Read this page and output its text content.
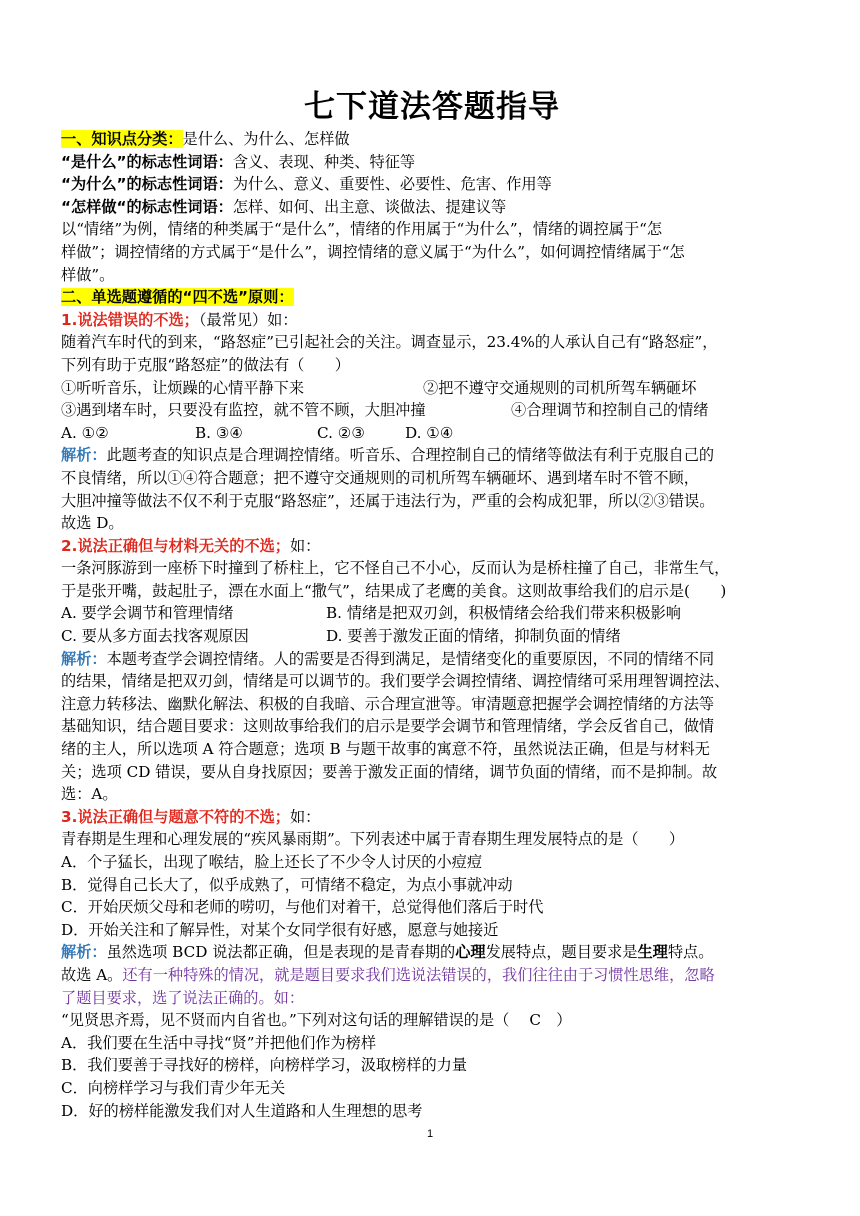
七下道法答题指导
一、知识点分类：是什么、为什么、怎样做
“是什么”的标志性词语：含义、表现、种类、特征等
“为什么”的标志性词语：为什么、意义、重要性、必要性、危害、作用等
“怎样做“的标志性词语：怎样、如何、出主意、谈做法、提建议等
以“情绪”为例，情绪的种类属于“是什么”，情绪的作用属于“为什么”，情绪的调控属于“怎
样做”；调控情绪的方式属于“是什么”，调控情绪的意义属于“为什么”，如何调控情绪属于“怎
样做”。
二、单选题遵循的“四不选”原则：
1.说法错误的不选；（最常见）如：
随着汽车时代的到来，“路怒症”已引起社会的关注。调查显示，23.4%的人承认自己有“路怒症”，
下列有助于克服“路怒症”的做法有（　　）
①听听音乐，让烦躁的心情平静下来	②把不遵守交通规则的司机所驾车辆砸坏
③遇到堵车时，只要没有监控，就不管不顾，大胆冲撞	④合理调节和控制自己的情绪
A. ①②	B. ③④	C. ②③	D. ①④
解析：此题考查的知识点是合理调控情绪。听音乐、合理控制自己的情绪等做法有利于克服自己的
不良情绪，所以①④符合题意；把不遵守交通规则的司机所驾车辆砸坏、遇到堵车时不管不顾，
大胆冲撞等做法不仅不利于克服“路怒症”，还属于违法行为，严重的会构成犯罪，所以②③错误。
故选 D。
2.说法正确但与材料无关的不选；如：
一条河豚游到一座桥下时撞到了桥柱上，它不怪自己不小心，反而认为是桥柱撞了自己，非常生气，
于是张开嘴，鼓起肚子，漂在水面上“撒气”，结果成了老鹰的美食。这则故事给我们的启示是(　　)
A. 要学会调节和管理情绪	B. 情绪是把双刃剑，积极情绪会给我们带来积极影响
C. 要从多方面去找客观原因	D. 要善于激发正面的情绪，抑制负面的情绪
解析：本题考查学会调控情绪。人的需要是否得到满足，是情绪变化的重要原因，不同的情绪不同
的结果，情绪是把双刃剑，情绪是可以调节的。我们要学会调控情绪、调控情绪可采用理智调控法、
注意力转移法、幽默化解法、积极的自我暗、示合理宣泄等。审清题意把握学会调控情绪的方法等
基础知识，结合题目要求：这则故事给我们的启示是要学会调节和管理情绪，学会反省自己，做情
绪的主人，所以选项 A 符合题意；选项 B 与题干故事的寓意不符，虽然说法正确，但是与材料无
关；选项 CD 错误，要从自身找原因；要善于激发正面的情绪，调节负面的情绪，而不是抑制。故
选：A。
3.说法正确但与题意不符的不选；如：
青春期是生理和心理发展的“疾风暴雨期”。下列表述中属于青春期生理发展特点的是（　　）
A．个子猛长，出现了喉结，脸上还长了不少令人讨厌的小痘痘
B．觉得自己长大了，似乎成熟了，可情绪不稳定，为点小事就冲动
C．开始厌烦父母和老师的唠叨，与他们对着干，总觉得他们落后于时代
D．开始关注和了解异性，对某个女同学很有好感，愿意与她接近
解析：虽然选项 BCD 说法都正确，但是表现的是青春期的心理发展特点，题目要求是生理特点。
故选 A。还有一种特殊的情况，就是题目要求我们选说法错误的，我们往往由于习惯性思维，忽略
了题目要求，选了说法正确的。如：
“见贤思齐焉，见不贤而内自省也。”下列对这句话的理解错误的是（　 C　）
A．我们要在生活中寻找“贤”并把他们作为榜样
B．我们要善于寻找好的榜样，向榜样学习，汲取榜样的力量
C．向榜样学习与我们青少年无关
D．好的榜样能激发我们对人生道路和人生理想的思考
1
